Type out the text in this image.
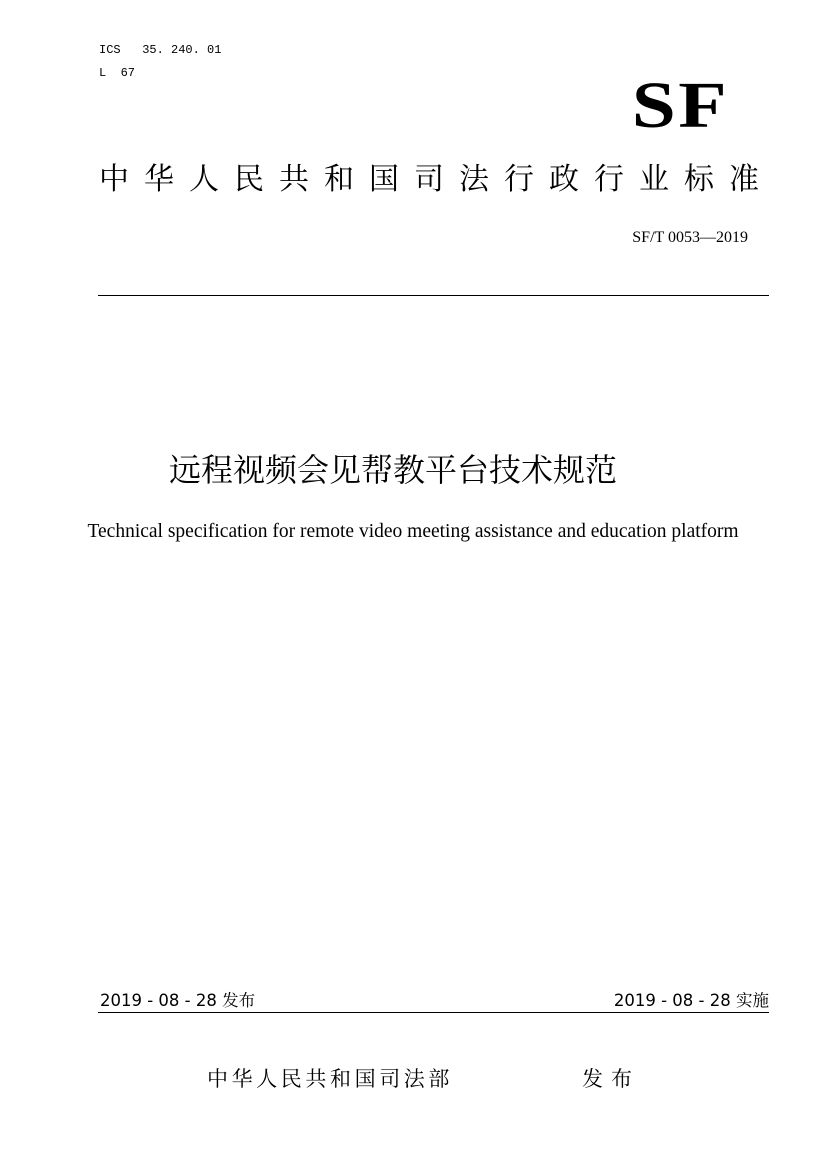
ICS   35. 240. 01
L  67	SF
中 华 人 民 共 和 国 司 法 行 政 行 业 标 准
SF/T 0053—2019
远程视频会见帮教平台技术规范
Technical specification for remote video meeting assistance and education platform
2019 - 08 - 28 发布	2019 - 08 - 28 实施
中华人民共和国司法部	发布
